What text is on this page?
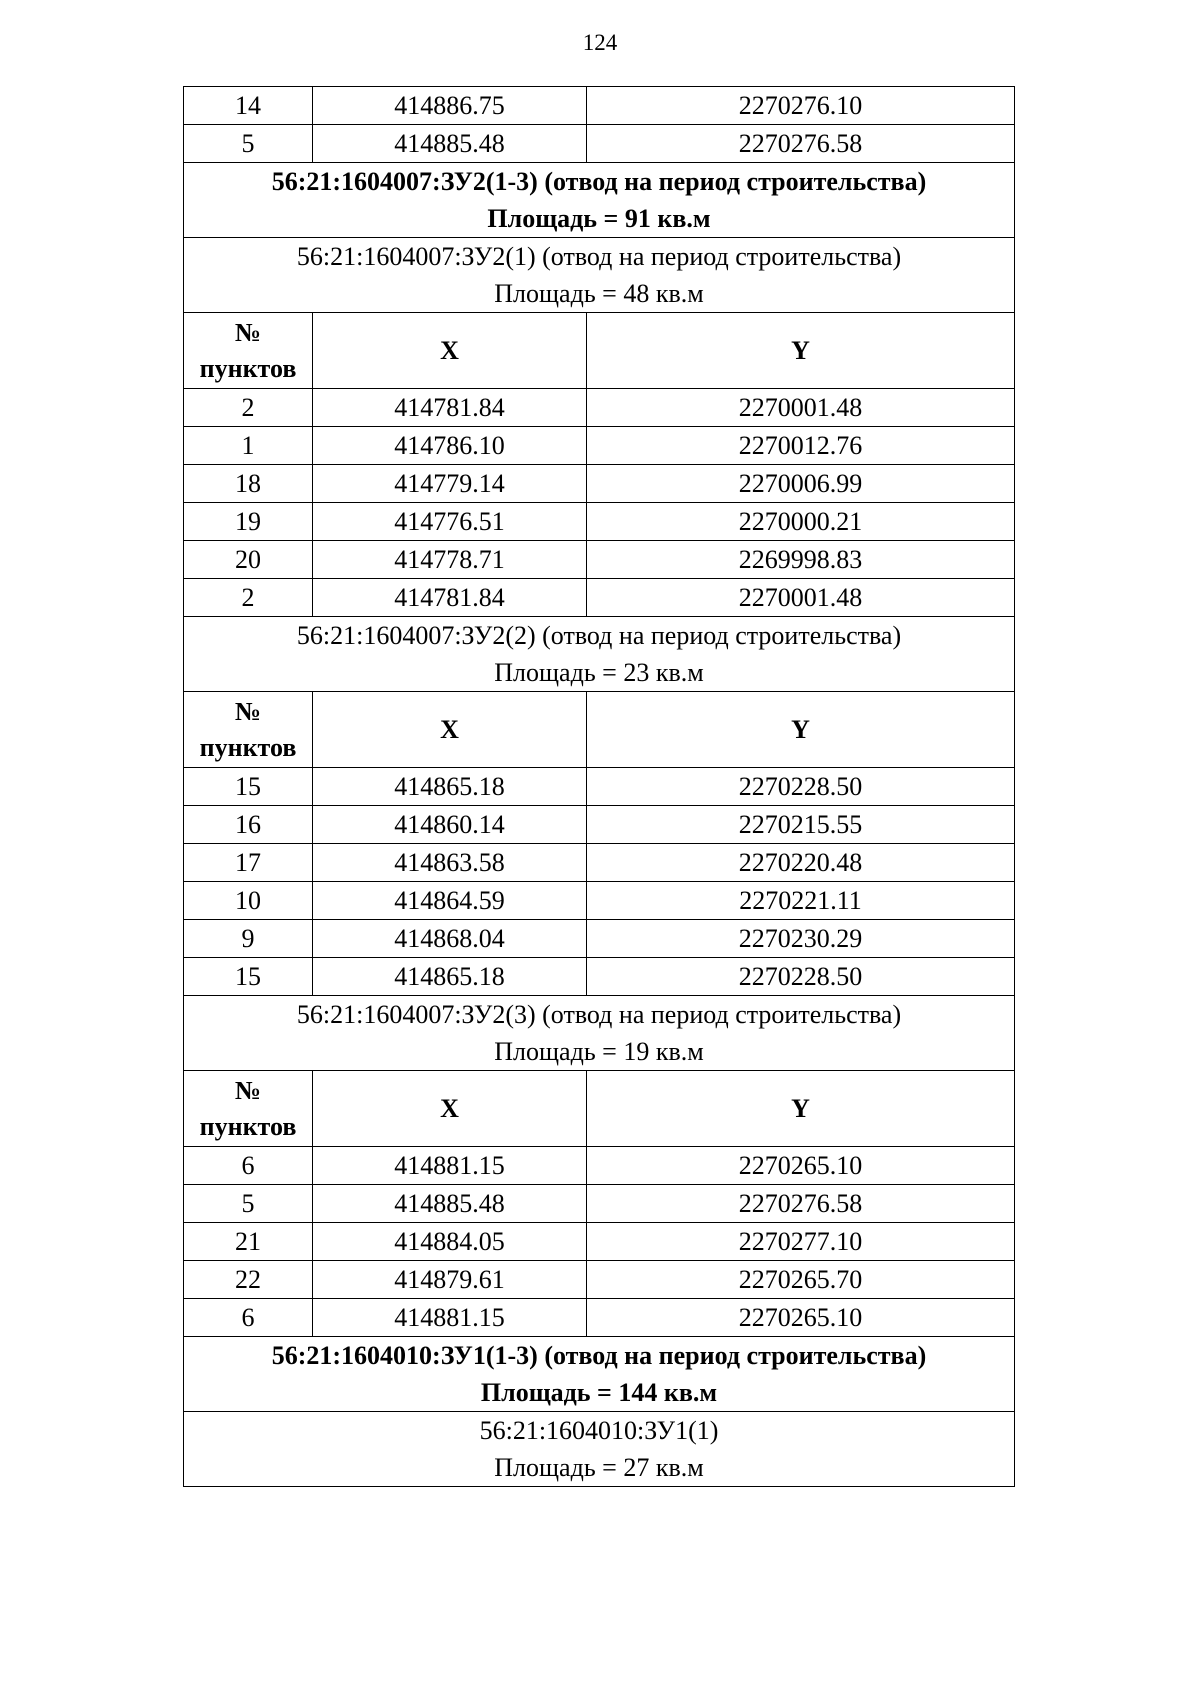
124
14	414886.75	2270276.10
5	414885.48	2270276.58

56:21:1604007:ЗУ2(1-3) (отвод на период строительства)
Площадь = 91 кв.м		

56:21:1604007:ЗУ2(1) (отвод на период строительства)
Площадь = 48 кв.м		

№
пунктов	X	Y
2	414781.84	2270001.48
1	414786.10	2270012.76
18	414779.14	2270006.99
19	414776.51	2270000.21
20	414778.71	2269998.83
2	414781.84	2270001.48

56:21:1604007:ЗУ2(2) (отвод на период строительства)
Площадь = 23 кв.м		

№
пунктов	X	Y
15	414865.18	2270228.50
16	414860.14	2270215.55
17	414863.58	2270220.48
10	414864.59	2270221.11
9	414868.04	2270230.29
15	414865.18	2270228.50

56:21:1604007:ЗУ2(3) (отвод на период строительства)
Площадь = 19 кв.м		

№
пунктов	X	Y
6	414881.15	2270265.10
5	414885.48	2270276.58
21	414884.05	2270277.10
22	414879.61	2270265.70
6	414881.15	2270265.10

56:21:1604010:ЗУ1(1-3) (отвод на период строительства)
Площадь = 144 кв.м		

56:21:1604010:ЗУ1(1)
Площадь = 27 кв.м		
